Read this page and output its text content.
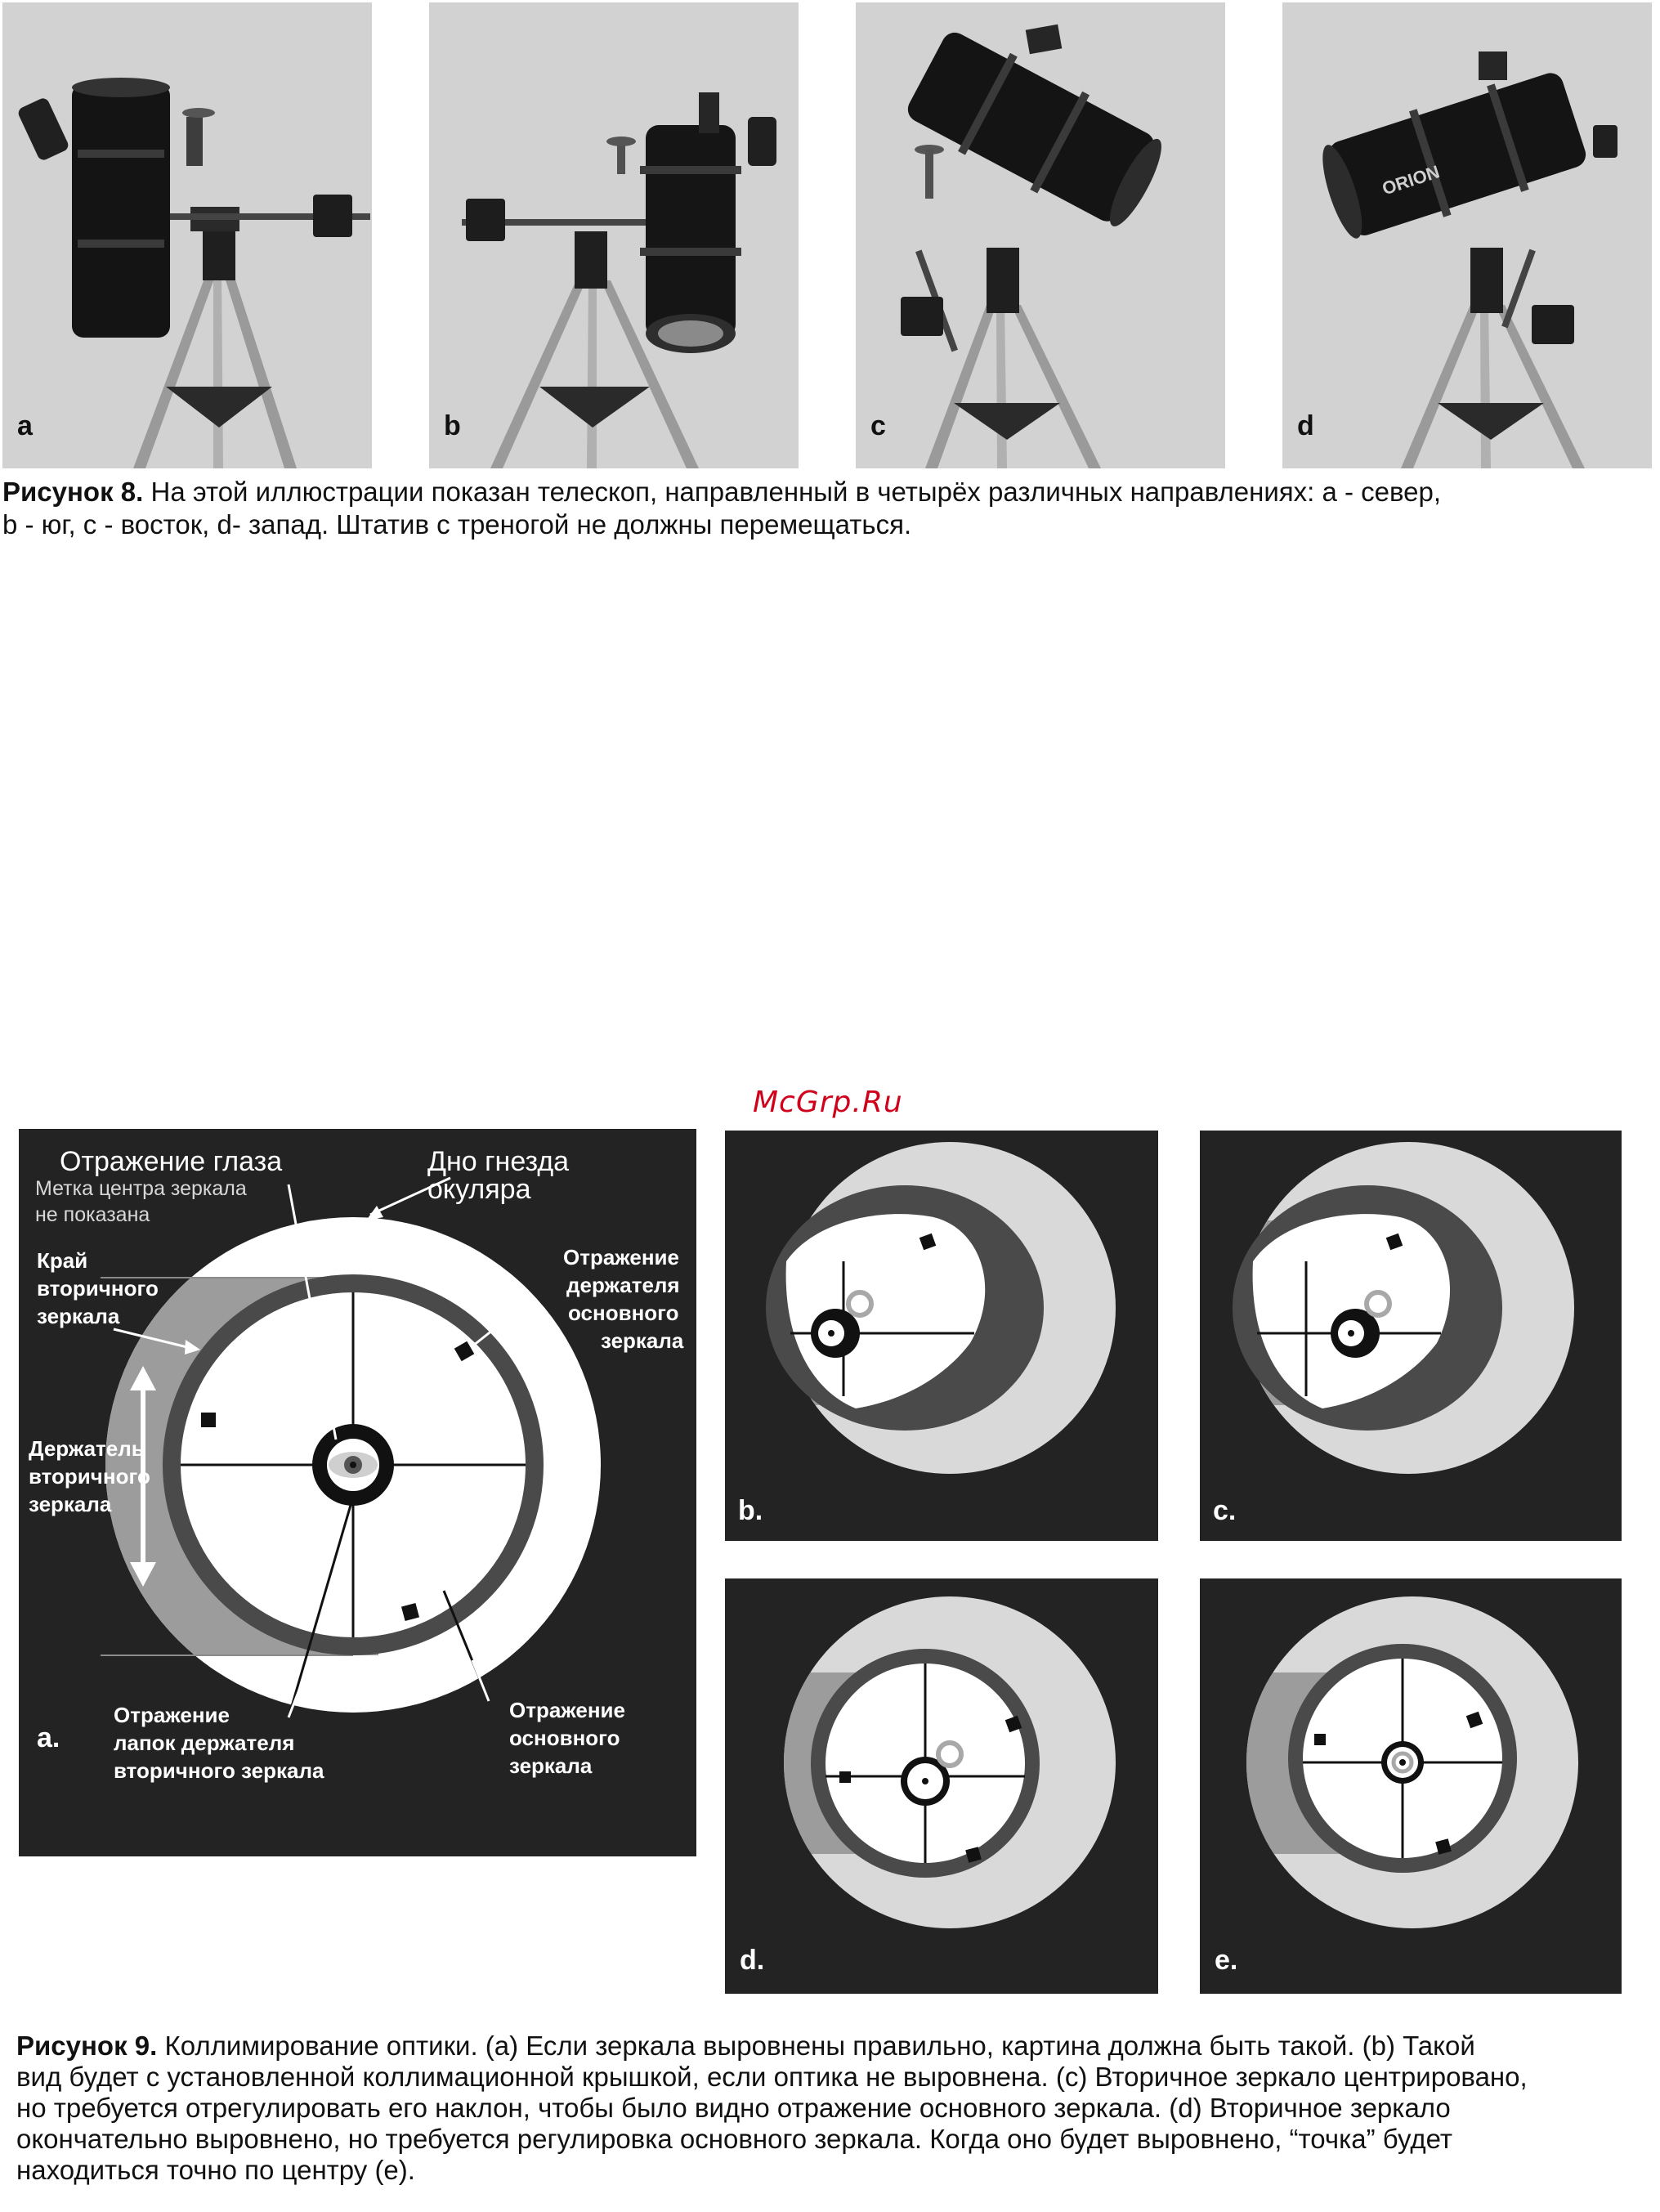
a	b	c
ORION
d
Рисунок 8. На этой иллюстрации показан телескоп, направленный в четырёх различных направлениях: a - север,
b - юг, c - восток, d- запад. Штатив с треногой не должны перемещаться.
McGrp.Ru
Отражение глаза
Метка центра зеркала
не показана
Дно гнезда
окуляра
Край
вторичного
зеркала
Отражение
держателя
основного
зеркала
Держатель
вторичного
зеркала
Отражение
лапок держателя
вторичного зеркала
Отражение
основного
зеркала
a.
b.	c.
d.	e.
Рисунок 9. Коллимирование оптики. (a) Если зеркала выровнены правильно, картина должна быть такой. (b) Такой
вид будет с установленной коллимационной крышкой, если оптика не выровнена. (c) Вторичное зеркало центрировано,
но требуется отрегулировать его наклон, чтобы было видно отражение основного зеркала. (d) Вторичное зеркало
окончательно выровнено, но требуется регулировка основного зеркала. Когда оно будет выровнено, “точка” будет
находиться точно по центру (e).
